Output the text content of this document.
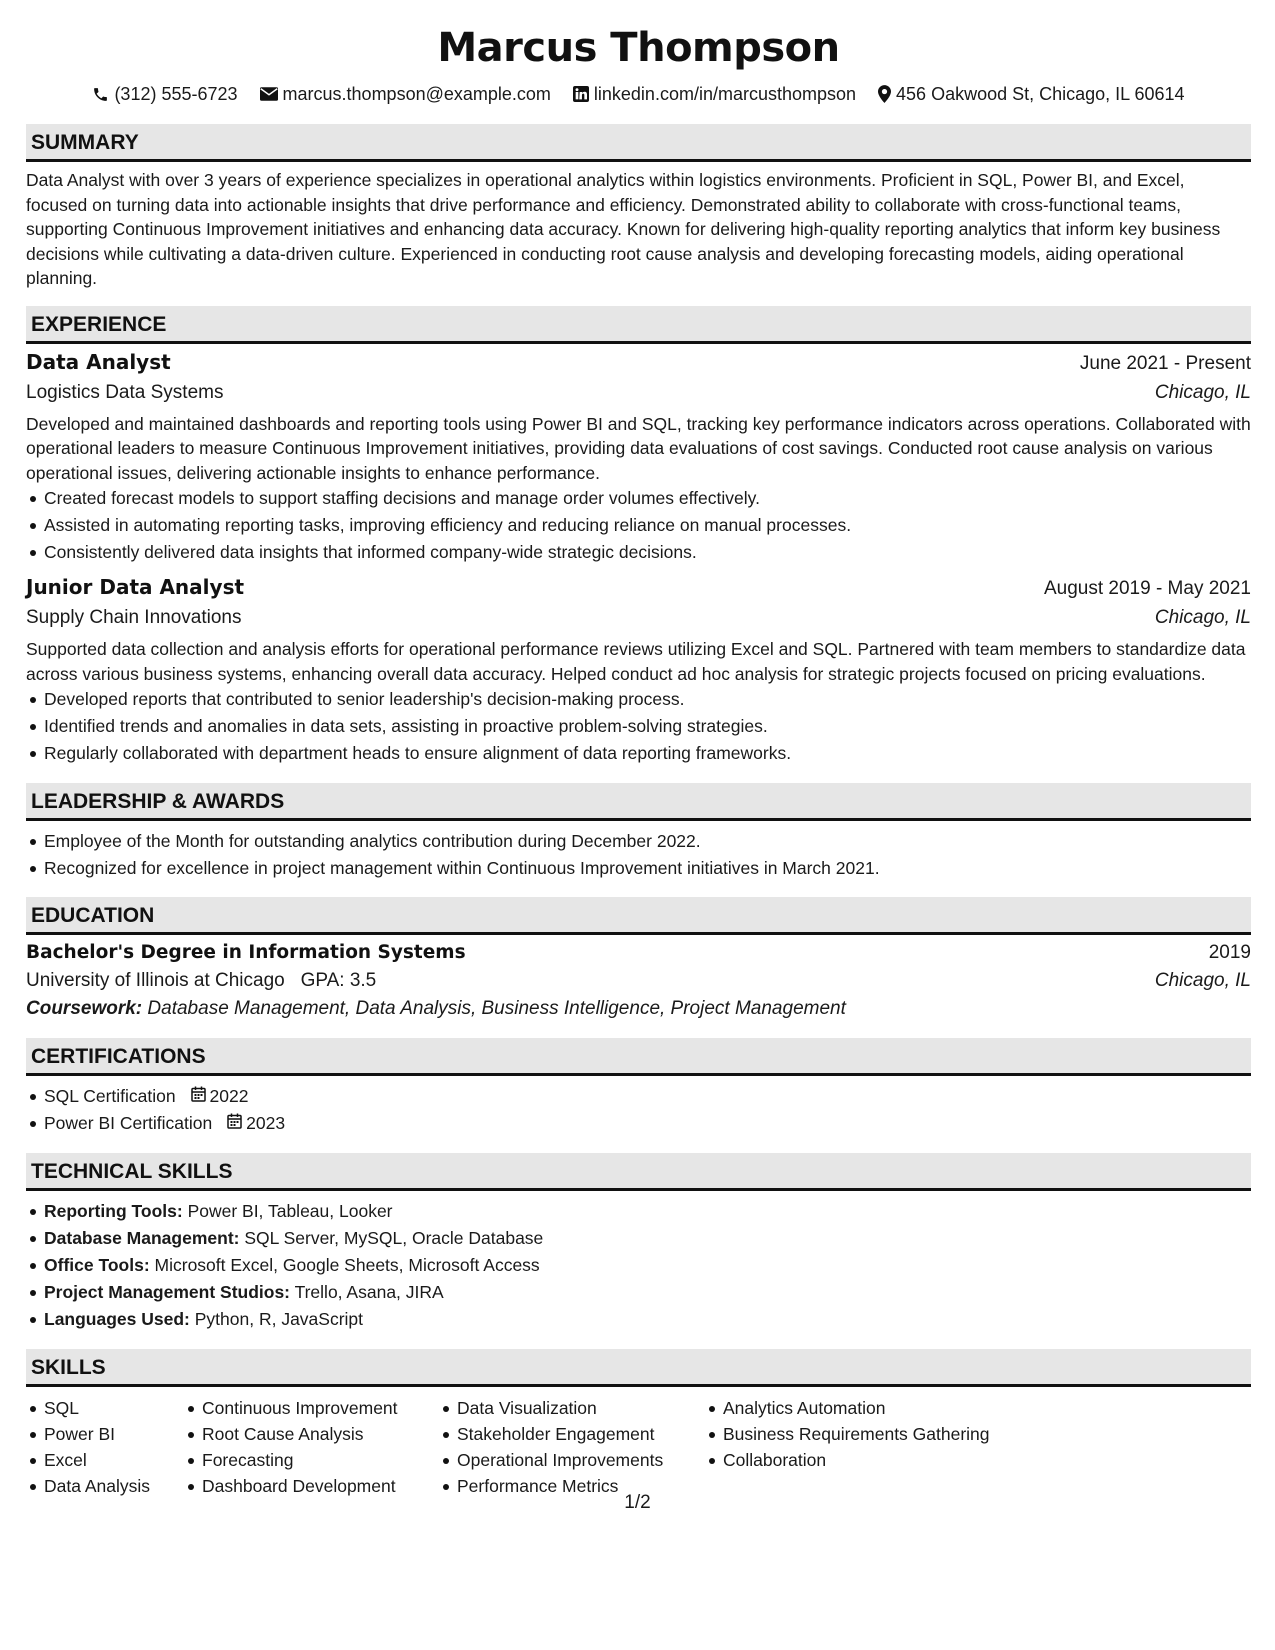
Marcus Thompson
(312) 555-6723	marcus.thompson@example.com linkedin.com/in/marcusthompson 456 Oakwood St, Chicago, IL 60614
SUMMARY
Data Analyst with over 3 years of experience specializes in operational analytics within logistics environments. Proficient in SQL, Power BI, and Excel, focused on turning data into actionable insights that drive performance and efficiency. Demonstrated ability to collaborate with cross-functional teams, supporting Continuous Improvement initiatives and enhancing data accuracy. Known for delivering high-quality reporting analytics that inform key business decisions while cultivating a data-driven culture. Experienced in conducting root cause analysis and developing forecasting models, aiding operational planning.
EXPERIENCE
Data Analyst	June 2021 - Present
Logistics Data Systems	Chicago, IL
Developed and maintained dashboards and reporting tools using Power BI and SQL, tracking key performance indicators across operations. Collaborated with operational leaders to measure Continuous Improvement initiatives, providing data evaluations of cost savings. Conducted root cause analysis on various operational issues, delivering actionable insights to enhance performance.
Created forecast models to support staffing decisions and manage order volumes effectively.
Assisted in automating reporting tasks, improving efficiency and reducing reliance on manual processes.
Consistently delivered data insights that informed company-wide strategic decisions.
Junior Data Analyst	August 2019 - May 2021
Supply Chain Innovations	Chicago, IL
Supported data collection and analysis efforts for operational performance reviews utilizing Excel and SQL. Partnered with team members to standardize data across various business systems, enhancing overall data accuracy. Helped conduct ad hoc analysis for strategic projects focused on pricing evaluations.
Developed reports that contributed to senior leadership's decision-making process.
Identified trends and anomalies in data sets, assisting in proactive problem-solving strategies.
Regularly collaborated with department heads to ensure alignment of data reporting frameworks.
LEADERSHIP & AWARDS
Employee of the Month for outstanding analytics contribution during December 2022.
Recognized for excellence in project management within Continuous Improvement initiatives in March 2021.
EDUCATION
Bachelor's Degree in Information Systems	2019
University of Illinois at Chicago GPA: 3.5	Chicago, IL
Coursework: Database Management, Data Analysis, Business Intelligence, Project Management
CERTIFICATIONS
SQL Certification 2022
Power BI Certification 2023
TECHNICAL SKILLS
Reporting Tools: Power BI, Tableau, Looker
Database Management: SQL Server, MySQL, Oracle Database
Office Tools: Microsoft Excel, Google Sheets, Microsoft Access
Project Management Studios: Trello, Asana, JIRA
Languages Used: Python, R, JavaScript
SKILLS
SQL
Power BI
Excel
Data Analysis
Continuous Improvement
Root Cause Analysis
Forecasting
Dashboard Development
Data Visualization
Stakeholder Engagement
Operational Improvements
Performance Metrics
Analytics Automation
Business Requirements Gathering
Collaboration
1/2
